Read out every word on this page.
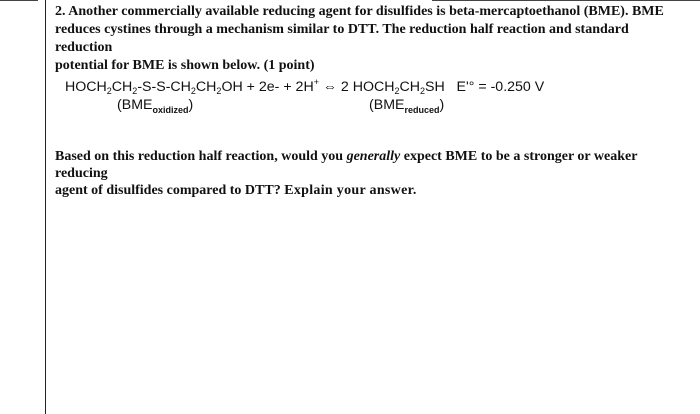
2. Another commercially available reducing agent for disulfides is beta-mercaptoethanol (BME). BME

reduces cystines through a mechanism similar to DTT. The reduction half reaction and standard reduction

potential for BME is shown below. (1 point)

$HOCH_2CH_2-S-S-CH_2CH_2OH + 2e- + 2H^+$ ⇔ 2 $HOCH_2CH_2SH$ E'° = -0.250 V
$(BME_{oxidized})$	$(BME_{reduced})$
Based on this reduction half reaction, would you generally expect BME to be a stronger or weaker reducing
agent of disulfides compared to DTT? Explain your answer.
